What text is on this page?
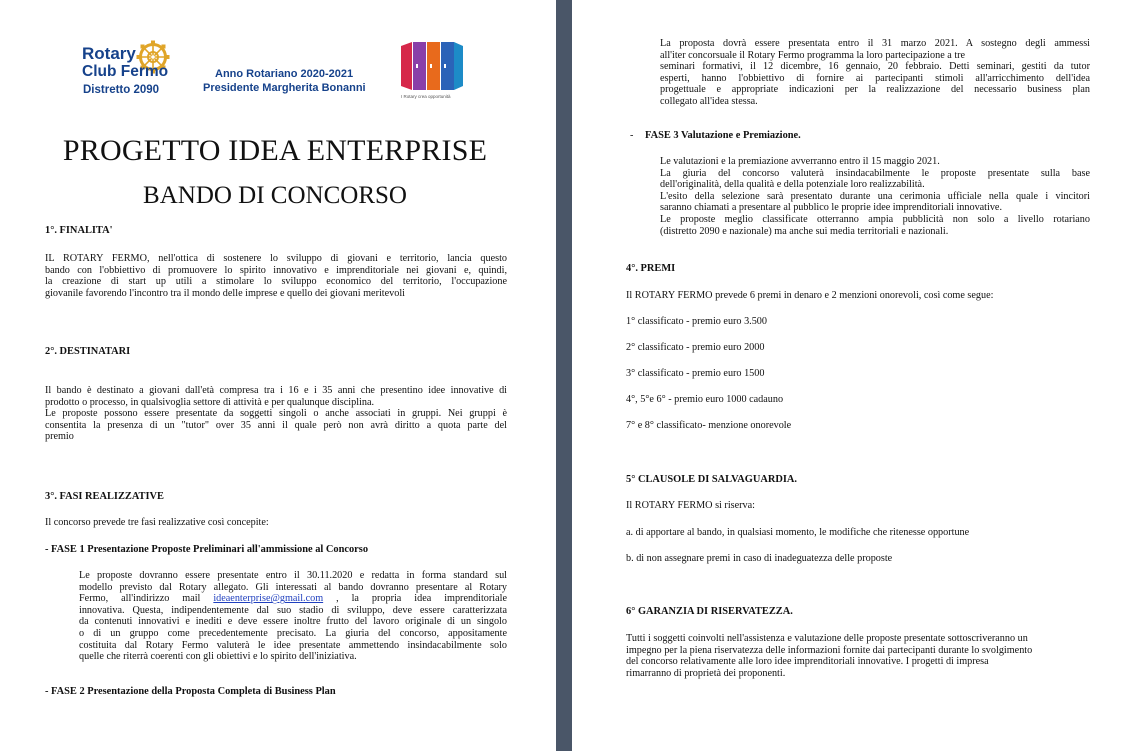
Rotary
Club Fermo
Distretto 2090
Anno Rotariano 2020-2021
Presidente Margherita Bonanni
I Rotary crea opportunità
PROGETTO IDEA ENTERPRISE
BANDO DI CONCORSO
1°. FINALITA'
IL ROTARY FERMO, nell'ottica di sostenere lo sviluppo di giovani e territorio, lancia questo
bando con l'obbiettivo di promuovere lo spirito innovativo e imprenditoriale nei giovani e, quindi,
la creazione di start up utili a stimolare lo sviluppo economico del territorio, l'occupazione
giovanile favorendo l'incontro tra il mondo delle imprese e quello dei giovani meritevoli
2°. DESTINATARI
Il bando è destinato a giovani dall'età compresa tra i 16 e i 35 anni che presentino idee innovative di
prodotto o processo, in qualsivoglia settore di attività e per qualunque disciplina.
Le proposte possono essere presentate da soggetti singoli o anche associati in gruppi. Nei gruppi è
consentita la presenza di un "tutor" over 35 anni il quale però non avrà diritto a quota parte del
premio
3°. FASI REALIZZATIVE
Il concorso prevede tre fasi realizzative così concepite:
- FASE 1 Presentazione Proposte Preliminari all'ammissione al Concorso
Le proposte dovranno essere presentate entro il 30.11.2020 e redatta in forma standard sul
modello previsto dal Rotary allegato. Gli interessati al bando dovranno presentare al Rotary
Fermo, all'indirizzo mail ideaenterprise@gmail.com , la propria idea imprenditoriale
innovativa. Questa, indipendentemente dal suo stadio di sviluppo, deve essere caratterizzata
da contenuti innovativi e inediti e deve essere inoltre frutto del lavoro originale di un singolo
o di un gruppo come precedentemente precisato. La giuria del concorso, appositamente
costituita dal Rotary Fermo valuterà le idee presentate ammettendo insindacabilmente solo
quelle che riterrà coerenti con gli obiettivi e lo spirito dell'iniziativa.
- FASE 2 Presentazione della Proposta Completa di Business Plan
La proposta dovrà essere presentata entro il 31 marzo 2021. A sostegno degli ammessi
all'iter concorsuale il Rotary Fermo programma la loro partecipazione a tre
seminari formativi, il 12 dicembre, 16 gennaio, 20 febbraio. Detti seminari, gestiti da tutor
esperti, hanno l'obbiettivo di fornire ai partecipanti stimoli all'arricchimento dell'idea
progettuale e appropriate indicazioni per la realizzazione del necessario business plan
collegato all'idea stessa.
- FASE 3 Valutazione e Premiazione.
Le valutazioni e la premiazione avverranno entro il 15 maggio 2021.
La giuria del concorso valuterà insindacabilmente le proposte presentate sulla base
dell'originalità, della qualità e della potenziale loro realizzabilità.
L'esito della selezione sarà presentato durante una cerimonia ufficiale nella quale i vincitori
saranno chiamati a presentare al pubblico le proprie idee imprenditoriali innovative.
Le proposte meglio classificate otterranno ampia pubblicità non solo a livello rotariano
(distretto 2090 e nazionale) ma anche sui media territoriali e nazionali.
4°. PREMI
Il ROTARY FERMO prevede 6 premi in denaro e 2 menzioni onorevoli, così come segue:
1° classificato - premio euro 3.500
2° classificato - premio euro 2000
3° classificato - premio euro 1500
4°, 5°e 6° - premio euro 1000 cadauno
7° e 8° classificato- menzione onorevole
5° CLAUSOLE DI SALVAGUARDIA.
Il ROTARY FERMO si riserva:
a. di apportare al bando, in qualsiasi momento, le modifiche che ritenesse opportune
b. di non assegnare premi in caso di inadeguatezza delle proposte
6° GARANZIA DI RISERVATEZZA.
Tutti i soggetti coinvolti nell'assistenza e valutazione delle proposte presentate sottoscriveranno un
impegno per la piena riservatezza delle informazioni fornite dai partecipanti durante lo svolgimento
del concorso relativamente alle loro idee imprenditoriali innovative. I progetti di impresa
rimarranno di proprietà dei proponenti.
